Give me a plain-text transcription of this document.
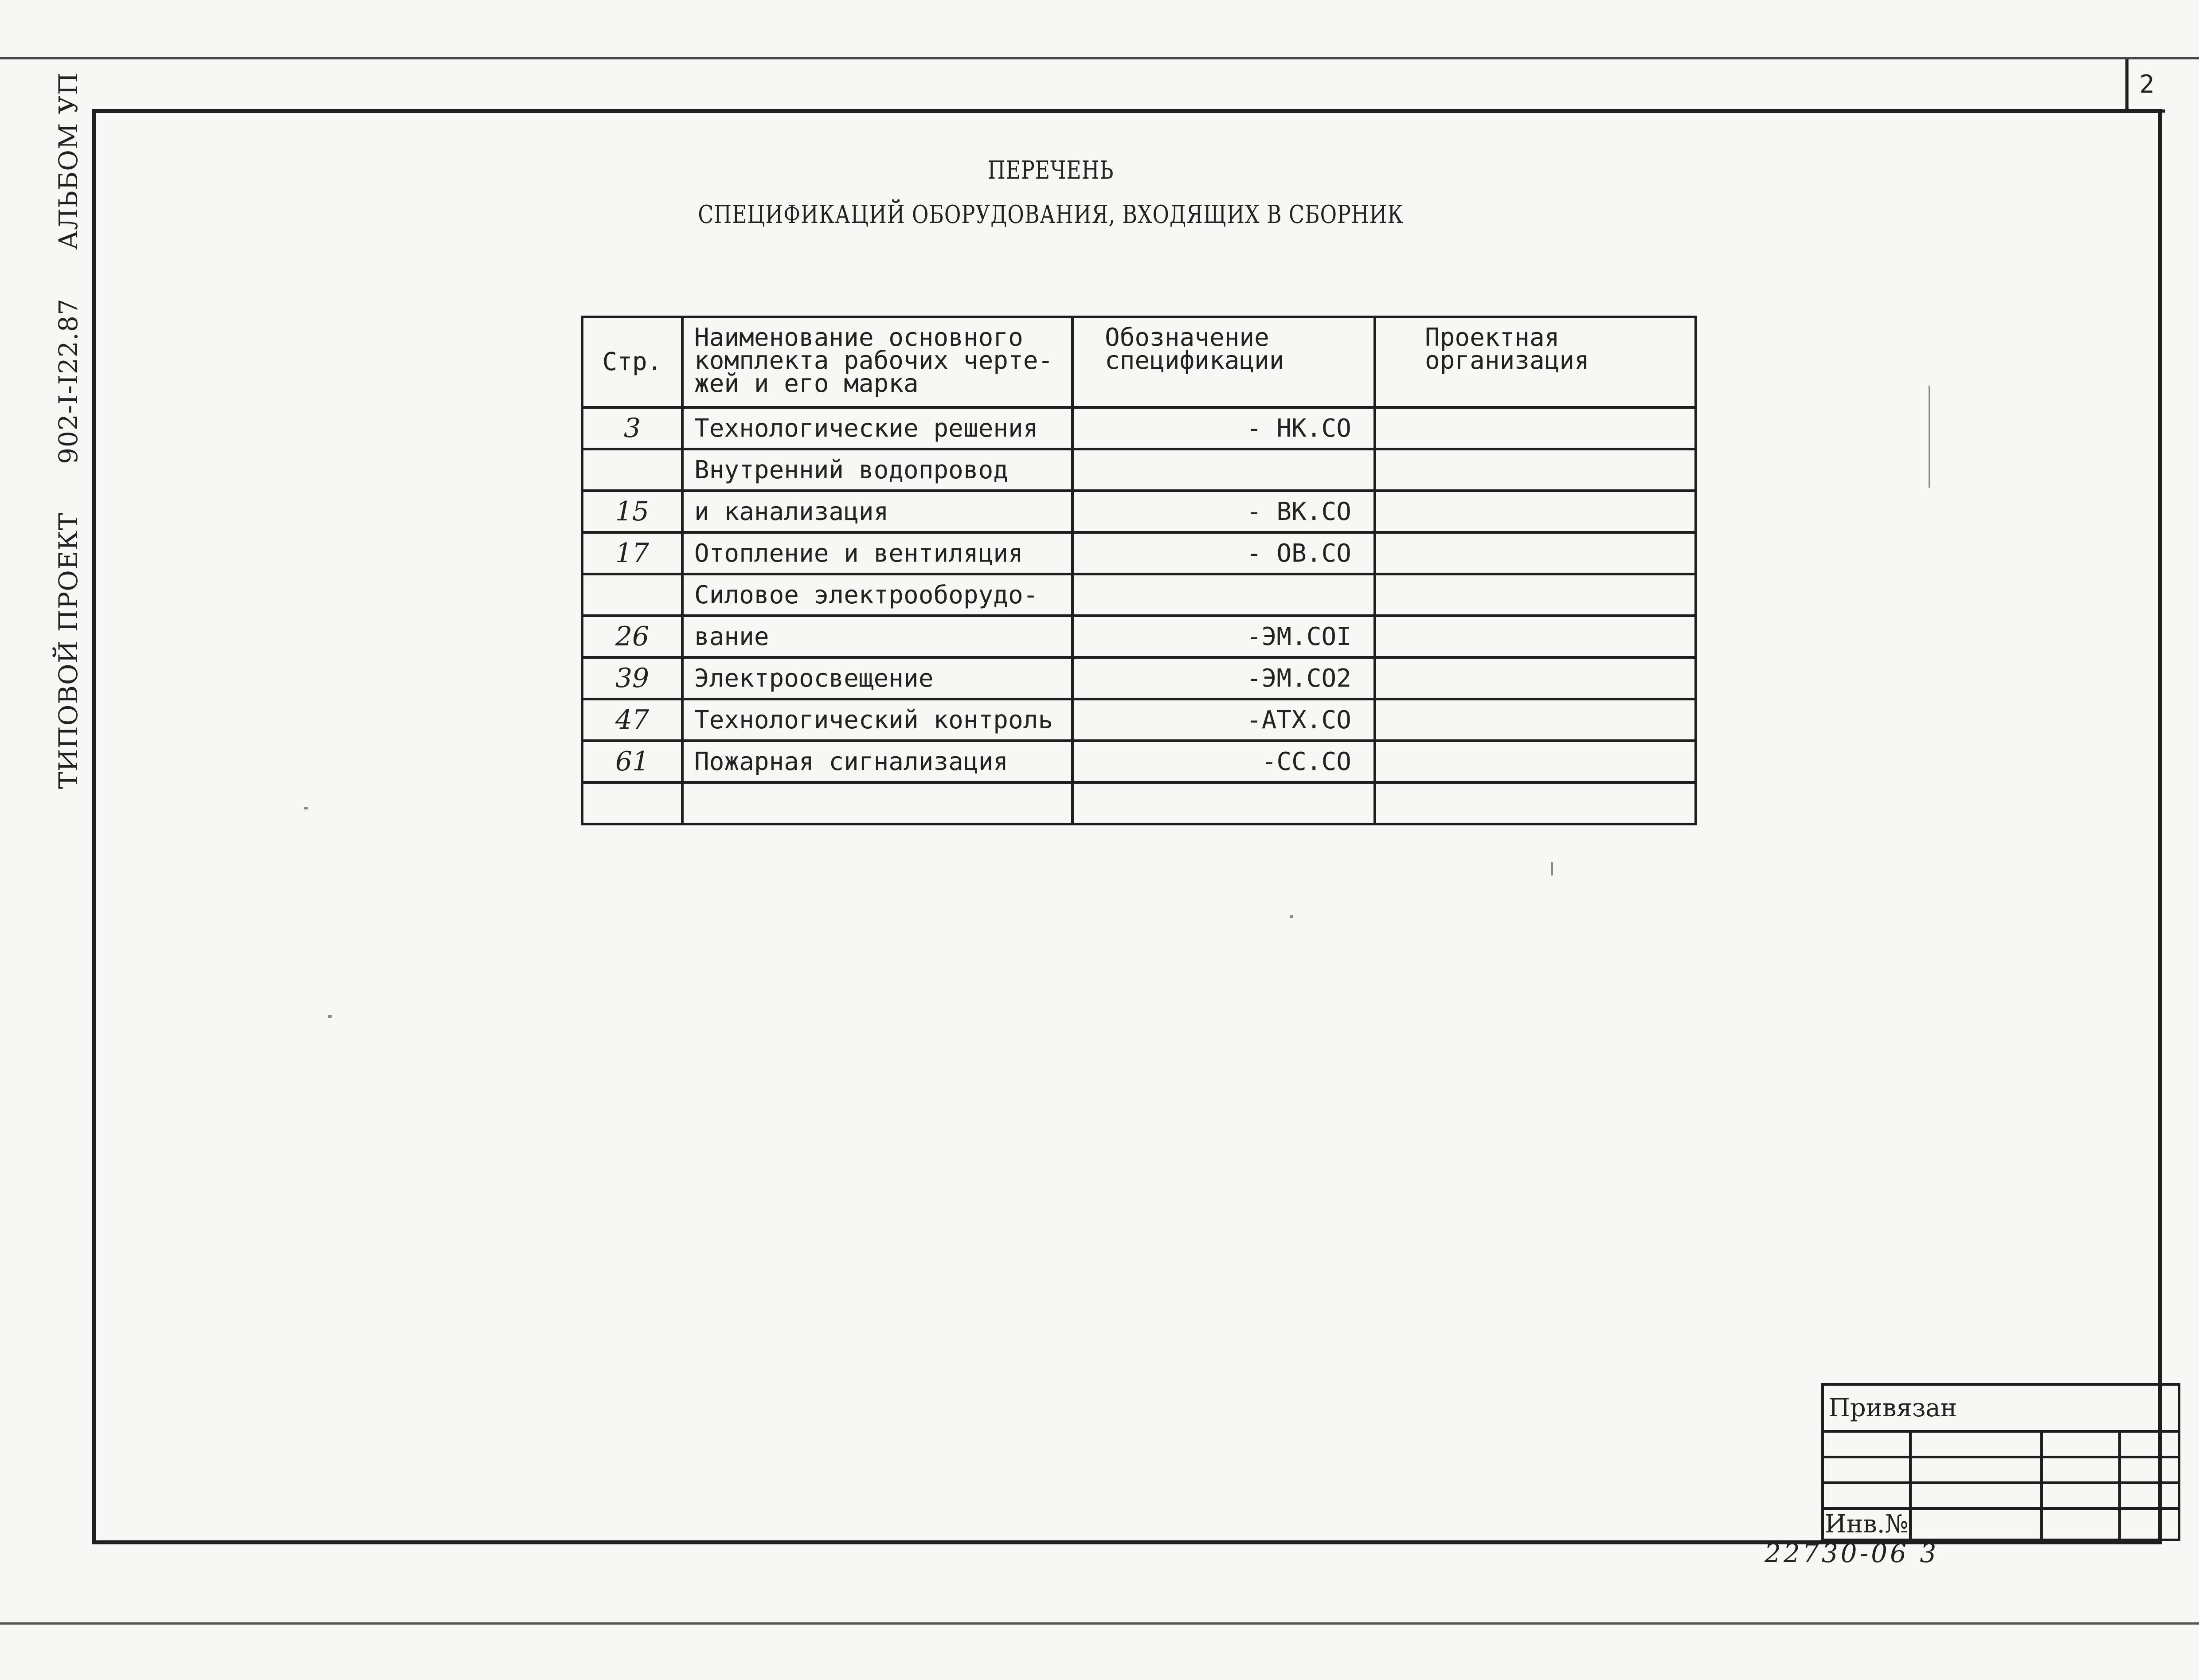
2
ТИПОВОЙ ПРОЕКТ 902-I-I22.87 АЛЬБОМ УП	ПЕРЕЧЕНЬ
СПЕЦИФИКАЦИЙ ОБОРУДОВАНИЯ, ВХОДЯЩИХ В СБОРНИК
Стр.	Наименование основного комплекта рабочих черте- жей и его марка	Обозначение спецификации	Проектная организация
3	Технологические решения	- НК.СО	
	Внутренний водопровод		
15	и канализация	- ВК.СО	
17	Отопление и вентиляция	- ОВ.СО	
	Силовое электрооборудо-		
26	вание	-ЭМ.СОI	
39	Электроосвещение	-ЭМ.СО2	
47	Технологический контроль	-АТХ.СО	
61	Пожарная сигнализация	-СС.СО	

Привязан			

Инв.№			
22730-06 3
